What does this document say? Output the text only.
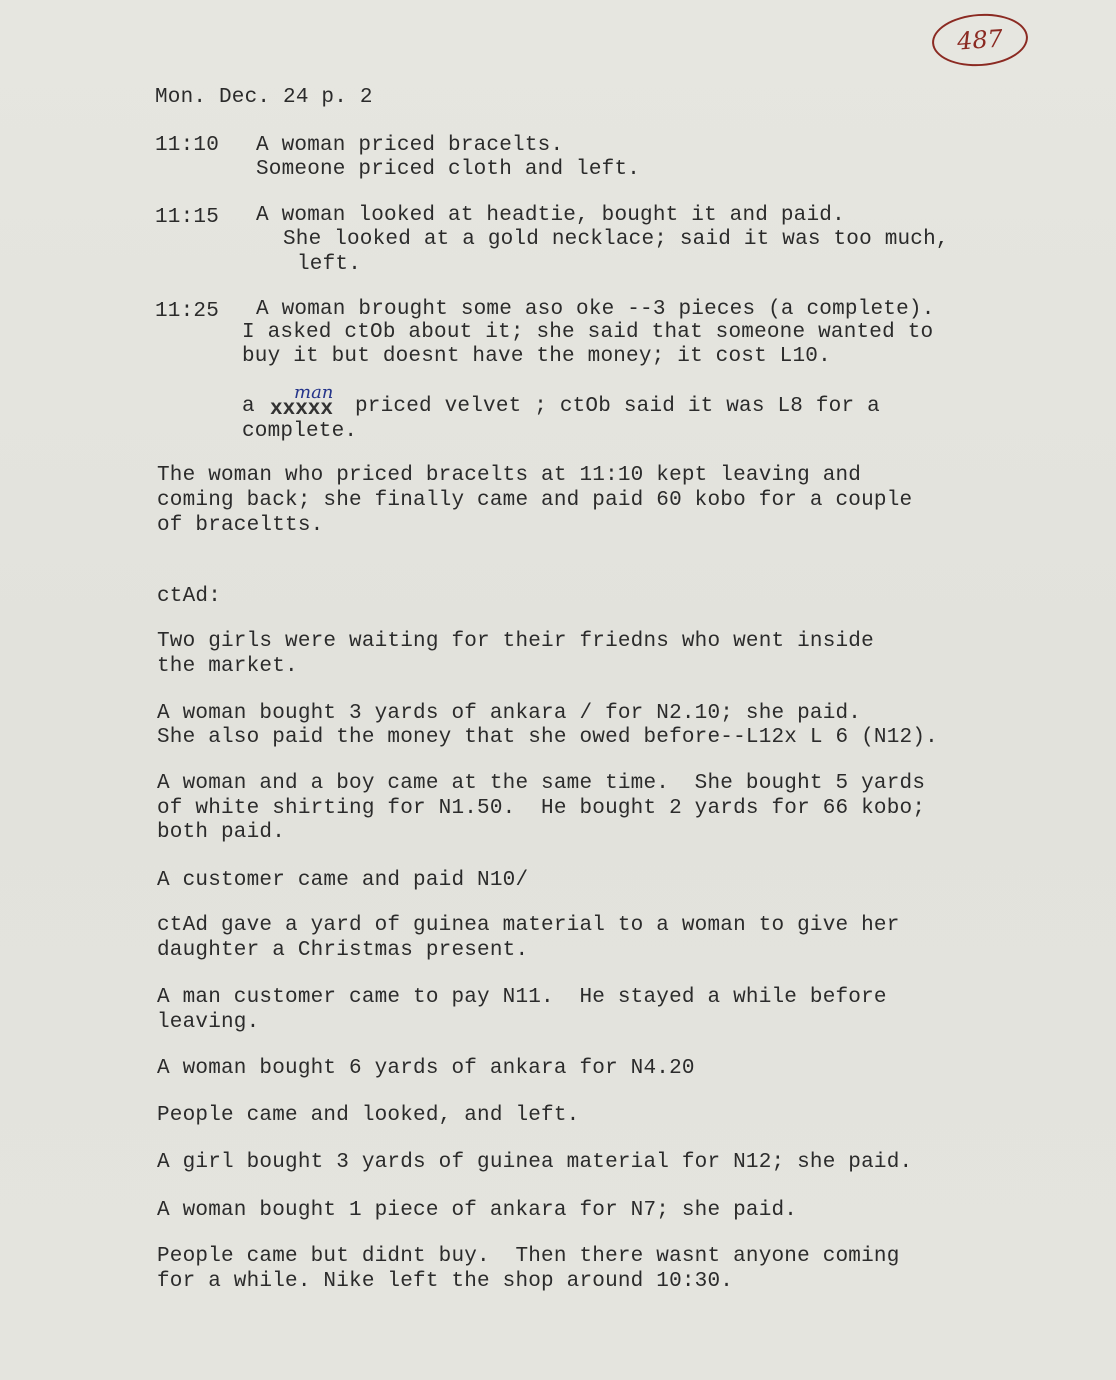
487
Mon. Dec. 24 p. 2
11:10 A woman priced bracelts.
Someone priced cloth and left.
11:15 A woman looked at headtie, bought it and paid.
She looked at a gold necklace; said it was too much,
left.
11:25 A woman brought some aso oke --3 pieces (a complete).
I asked ctOb about it; she said that someone wanted to
buy it but doesnt have the money; it cost L10.
a xxxxx
man
priced velvet ; ctOb said it was L8 for a
complete.
The woman who priced bracelts at 11:10 kept leaving and
coming back; she finally came and paid 60 kobo for a couple
of braceltts.
ctAd:
Two girls were waiting for their friedns who went inside
the market.
A woman bought 3 yards of ankara / for N2.10; she paid.
She also paid the money that she owed before--L12x L 6 (N12).
A woman and a boy came at the same time.  She bought 5 yards
of white shirting for N1.50.  He bought 2 yards for 66 kobo;
both paid.
A customer came and paid N10/
ctAd gave a yard of guinea material to a woman to give her
daughter a Christmas present.
A man customer came to pay N11.  He stayed a while before
leaving.
A woman bought 6 yards of ankara for N4.20
People came and looked, and left.
A girl bought 3 yards of guinea material for N12; she paid.
A woman bought 1 piece of ankara for N7; she paid.
People came but didnt buy.  Then there wasnt anyone coming
for a while. Nike left the shop around 10:30.
